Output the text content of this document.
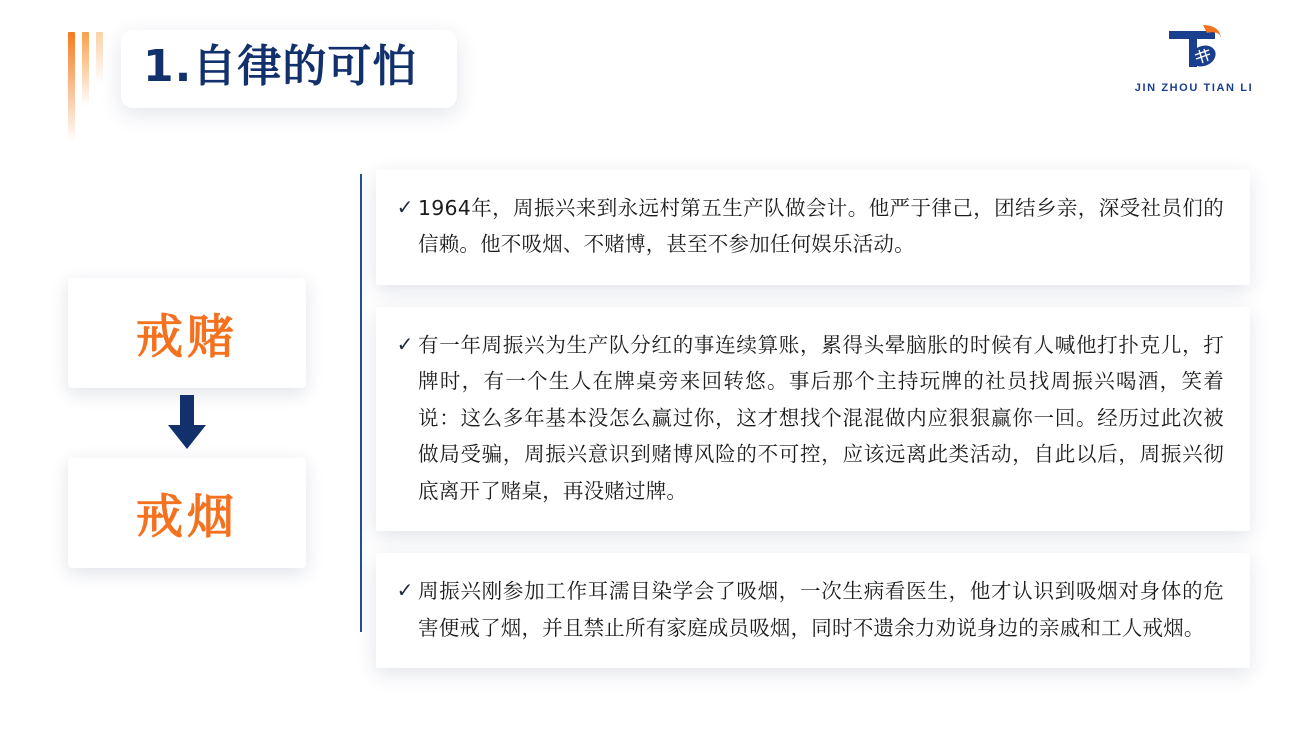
1.自律的可怕	JIN ZHOU TIAN LI
戒赌
戒烟
✓ 1964年，周振兴来到永远村第五生产队做会计。他严于律己，团结乡亲，深受社员们的信赖。他不吸烟、不赌博，甚至不参加任何娱乐活动。
✓ 有一年周振兴为生产队分红的事连续算账，累得头晕脑胀的时候有人喊他打扑克儿，打牌时，有一个生人在牌桌旁来回转悠。事后那个主持玩牌的社员找周振兴喝酒，笑着说：这么多年基本没怎么赢过你，这才想找个混混做内应狠狠赢你一回。经历过此次被做局受骗，周振兴意识到赌博风险的不可控，应该远离此类活动，自此以后，周振兴彻底离开了赌桌，再没赌过牌。
✓ 周振兴刚参加工作耳濡目染学会了吸烟，一次生病看医生，他才认识到吸烟对身体的危害便戒了烟，并且禁止所有家庭成员吸烟，同时不遗余力劝说身边的亲戚和工人戒烟。
